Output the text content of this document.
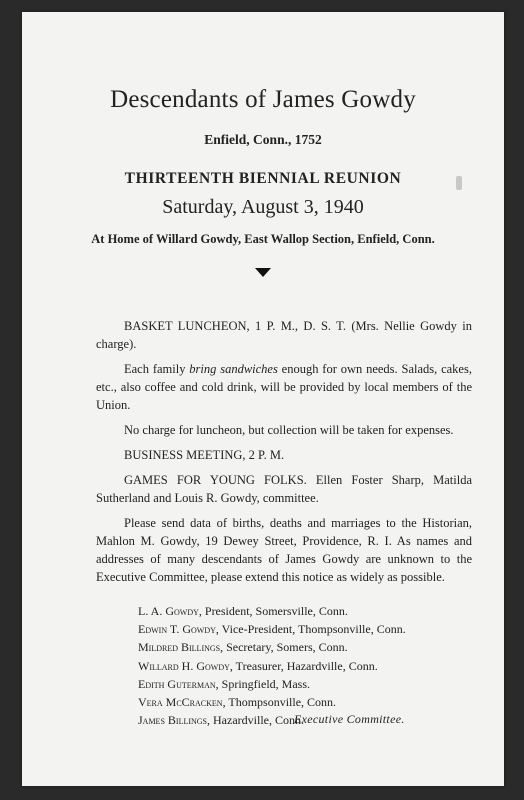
Descendants of James Gowdy
Enfield, Conn., 1752
THIRTEENTH BIENNIAL REUNION
Saturday, August 3, 1940
At Home of Willard Gowdy, East Wallop Section, Enfield, Conn.

BASKET LUNCHEON, 1 P. M., D. S. T. (Mrs. Nellie Gowdy in charge).

Each family bring sandwiches enough for own needs. Salads, cakes, etc., also coffee and cold drink, will be provided by local members of the Union.

No charge for luncheon, but collection will be taken for expenses.

BUSINESS MEETING, 2 P. M.

GAMES FOR YOUNG FOLKS. Ellen Foster Sharp, Matilda Sutherland and Louis R. Gowdy, committee.

Please send data of births, deaths and marriages to the Historian, Mahlon M. Gowdy, 19 Dewey Street, Providence, R. I. As names and addresses of many descendants of James Gowdy are unknown to the Executive Committee, please extend this notice as widely as possible.

L. A. Gowdy, President, Somersville, Conn.
Edwin T. Gowdy, Vice-President, Thompsonville, Conn.
Mildred Billings, Secretary, Somers, Conn.
Willard H. Gowdy, Treasurer, Hazardville, Conn.
Edith Guterman, Springfield, Mass.
Vera McCracken, Thompsonville, Conn.
James Billings, Hazardville, Conn.
Executive Committee.
